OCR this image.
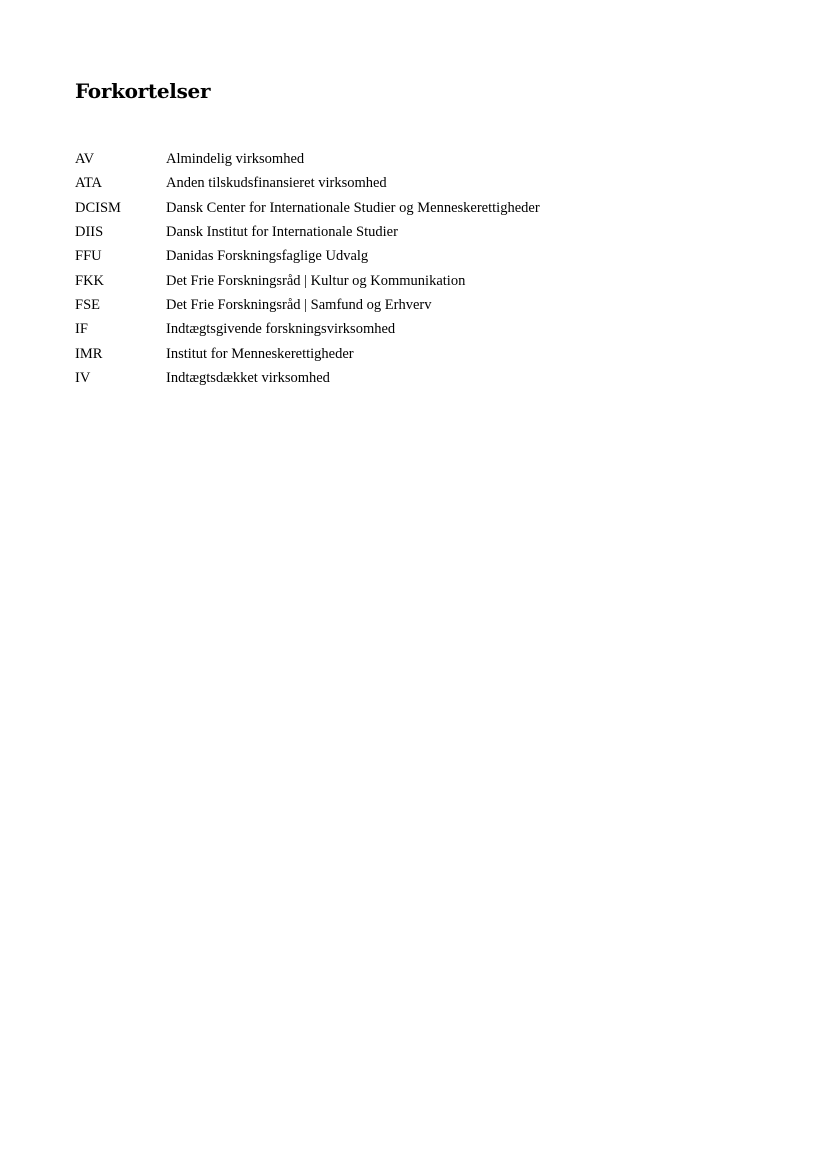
Forkortelser
AV	Almindelig virksomhed
ATA	Anden tilskudsfinansieret virksomhed
DCISM	Dansk Center for Internationale Studier og Menneskerettigheder
DIIS	Dansk Institut for Internationale Studier
FFU	Danidas Forskningsfaglige Udvalg
FKK	Det Frie Forskningsråd | Kultur og Kommunikation
FSE	Det Frie Forskningsråd | Samfund og Erhverv
IF	Indtægtsgivende forskningsvirksomhed
IMR	Institut for Menneskerettigheder
IV	Indtægtsdækket virksomhed
